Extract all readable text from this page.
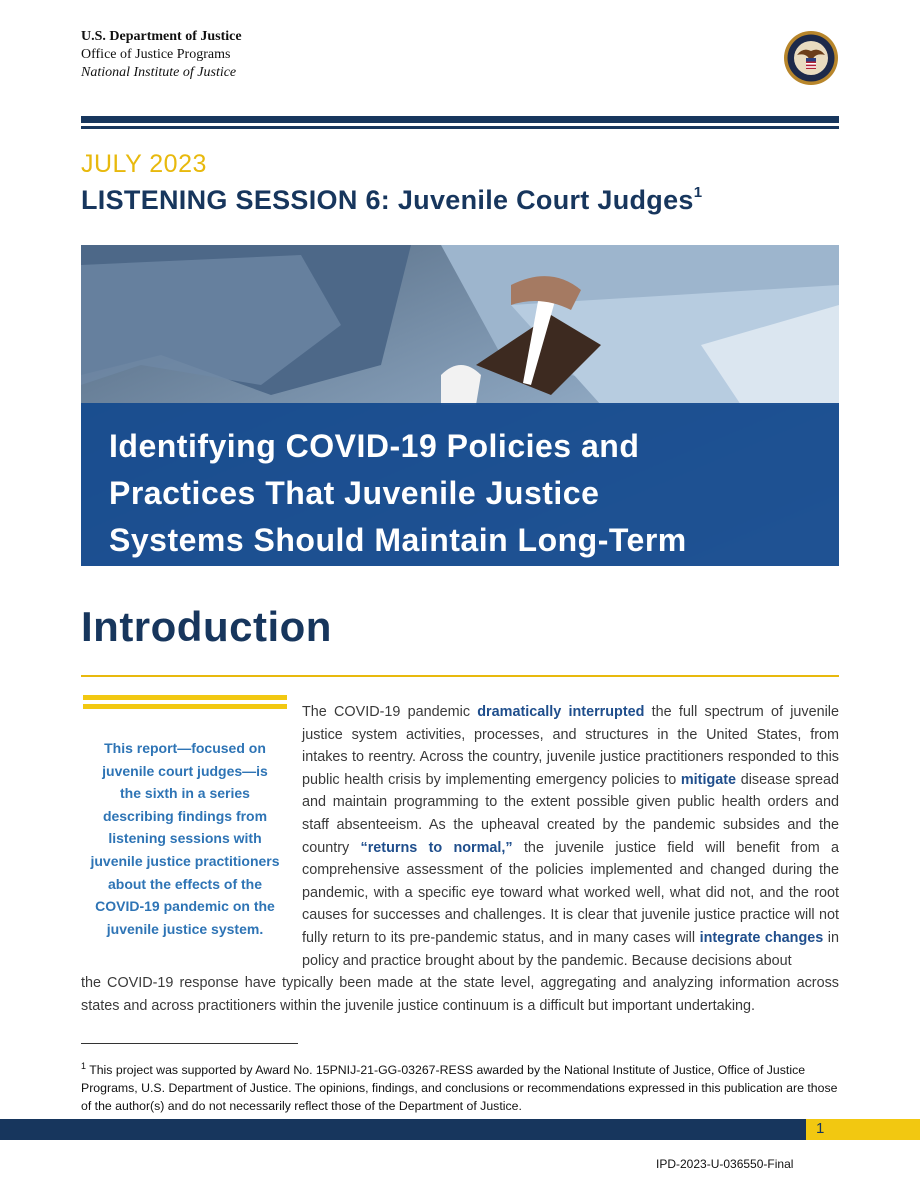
U.S. Department of Justice
Office of Justice Programs
National Institute of Justice
JULY 2023
LISTENING SESSION 6: Juvenile Court Judges$^1$
Identifying COVID-19 Policies and
Practices That Juvenile Justice
Systems Should Maintain Long-Term
Introduction
This report—focused on
juvenile court judges—is
the sixth in a series
describing findings from
listening sessions with
juvenile justice practitioners
about the effects of the
COVID-19 pandemic on the
juvenile justice system.
The COVID-19 pandemic dramatically interrupted the full spectrum of juvenile justice system activities, processes, and structures in the United States, from intakes to reentry. Across the country, juvenile justice practitioners responded to this public health crisis by implementing emergency policies to mitigate disease spread and maintain programming to the extent possible given public health orders and staff absenteeism. As the upheaval created by the pandemic subsides and the country “returns to normal,” the juvenile justice field will benefit from a comprehensive assessment of the policies implemented and changed during the pandemic, with a specific eye toward what worked well, what did not, and the root causes for successes and challenges. It is clear that juvenile justice practice will not fully return to its pre-pandemic status, and in many cases will integrate changes in policy and practice brought about by the pandemic. Because decisions about
the COVID-19 response have typically been made at the state level, aggregating and analyzing information across states and across practitioners within the juvenile justice continuum is a difficult but important undertaking.
$^1$ This project was supported by Award No. 15PNIJ-21-GG-03267-RESS awarded by the National Institute of Justice, Office of Justice Programs, U.S. Department of Justice. The opinions, findings, and conclusions or recommendations expressed in this publication are those of the author(s) and do not necessarily reflect those of the Department of Justice.
1
IPD-2023-U-036550-Final
